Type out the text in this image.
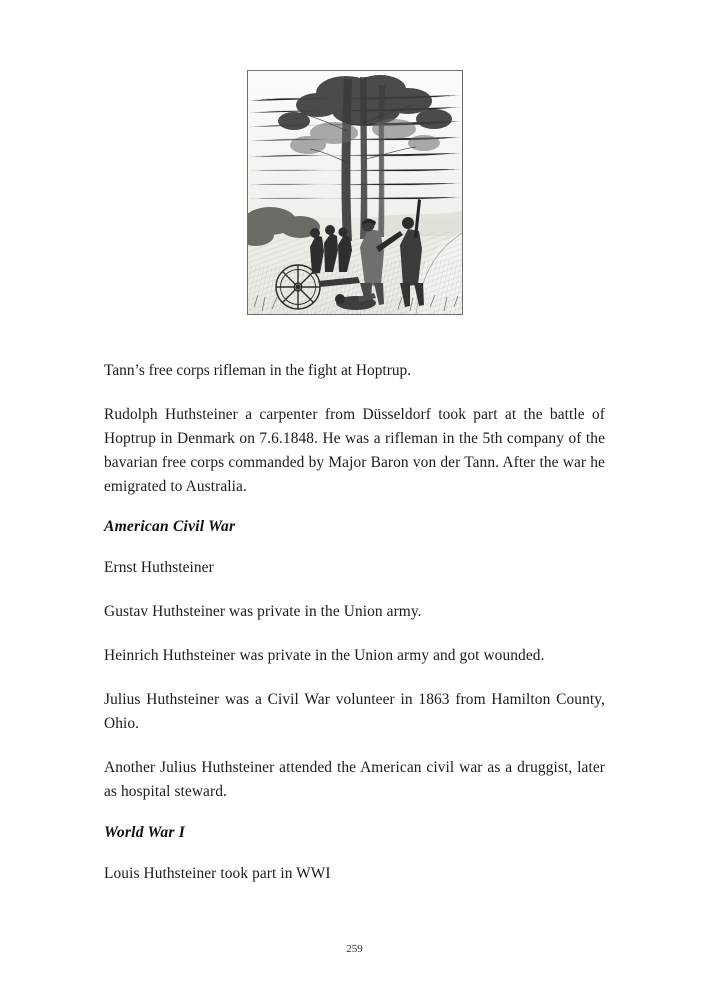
Tann’s free corps rifleman in the fight at Hoptrup.

Rudolph Huthsteiner a carpenter from Düsseldorf took part at the battle of Hoptrup in Denmark on 7.6.1848. He was a rifleman in the 5th company of the bavarian free corps commanded by Major Baron von der Tann. After the war he emigrated to Australia.

American Civil War

Ernst Huthsteiner

Gustav Huthsteiner was private in the Union army.

Heinrich Huthsteiner was private in the Union army and got wounded.

Julius Huthsteiner was a Civil War volunteer in 1863 from Hamilton County, Ohio.

Another Julius Huthsteiner attended the American civil war as a druggist, later as hospital steward.

World War I

Louis Huthsteiner took part in WWI

259
